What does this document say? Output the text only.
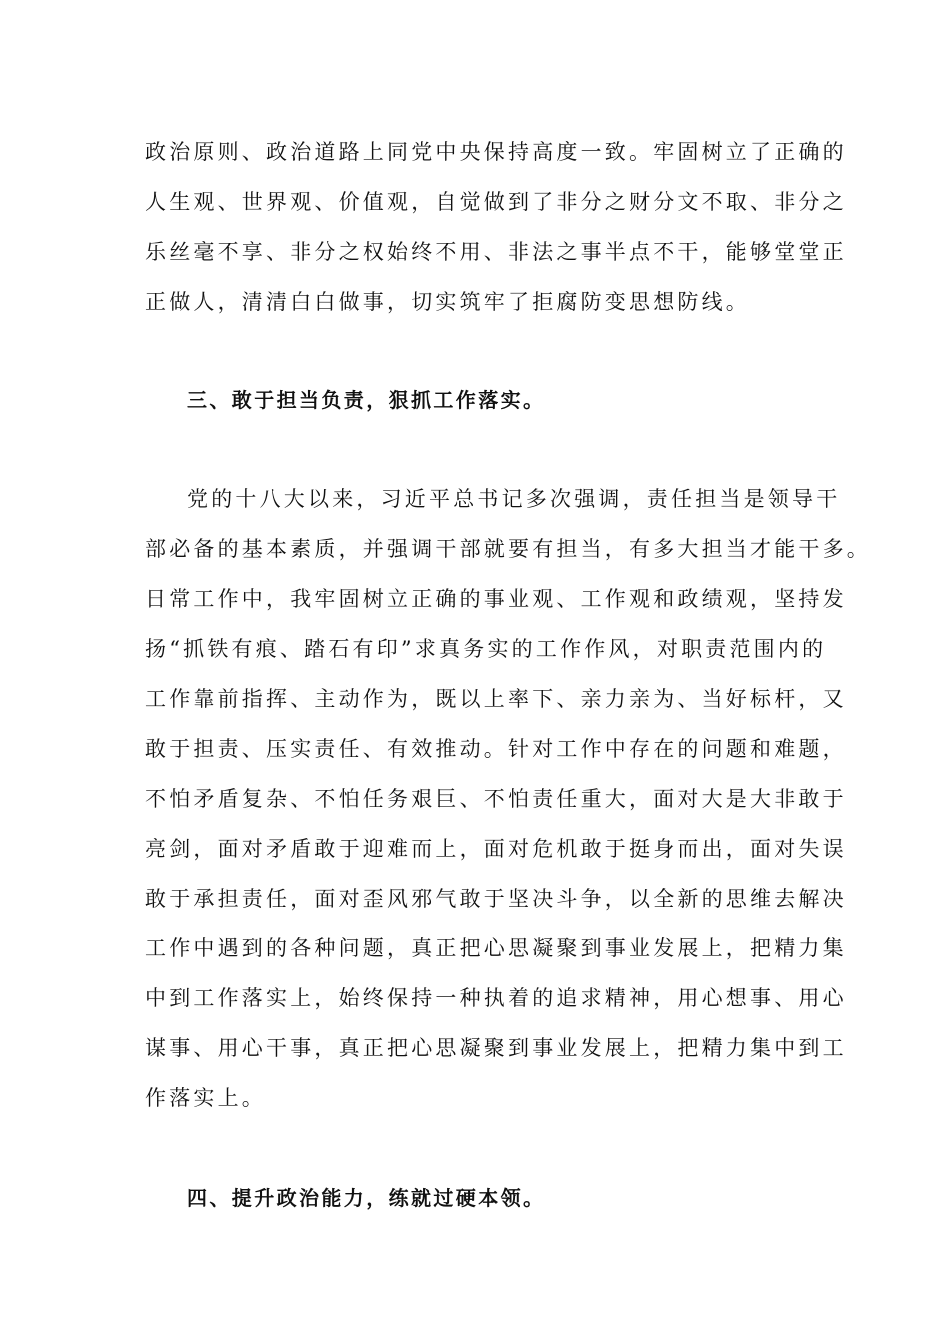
政治原则、政治道路上同党中央保持高度一致。牢固树立了正确的
人生观、世界观、价值观，自觉做到了非分之财分文不取、非分之
乐丝毫不享、非分之权始终不用、非法之事半点不干，能够堂堂正
正做人，清清白白做事，切实筑牢了拒腐防变思想防线。
三、敢于担当负责，狠抓工作落实。
党的十八大以来，习近平总书记多次强调，责任担当是领导干
部必备的基本素质，并强调干部就要有担当，有多大担当才能干多。
日常工作中，我牢固树立正确的事业观、工作观和政绩观，坚持发
扬“抓铁有痕、踏石有印”求真务实的工作作风，对职责范围内的
工作靠前指挥、主动作为，既以上率下、亲力亲为、当好标杆，又
敢于担责、压实责任、有效推动。针对工作中存在的问题和难题，
不怕矛盾复杂、不怕任务艰巨、不怕责任重大，面对大是大非敢于
亮剑，面对矛盾敢于迎难而上，面对危机敢于挺身而出，面对失误
敢于承担责任，面对歪风邪气敢于坚决斗争，以全新的思维去解决
工作中遇到的各种问题，真正把心思凝聚到事业发展上，把精力集
中到工作落实上，始终保持一种执着的追求精神，用心想事、用心
谋事、用心干事，真正把心思凝聚到事业发展上，把精力集中到工
作落实上。
四、提升政治能力，练就过硬本领。
